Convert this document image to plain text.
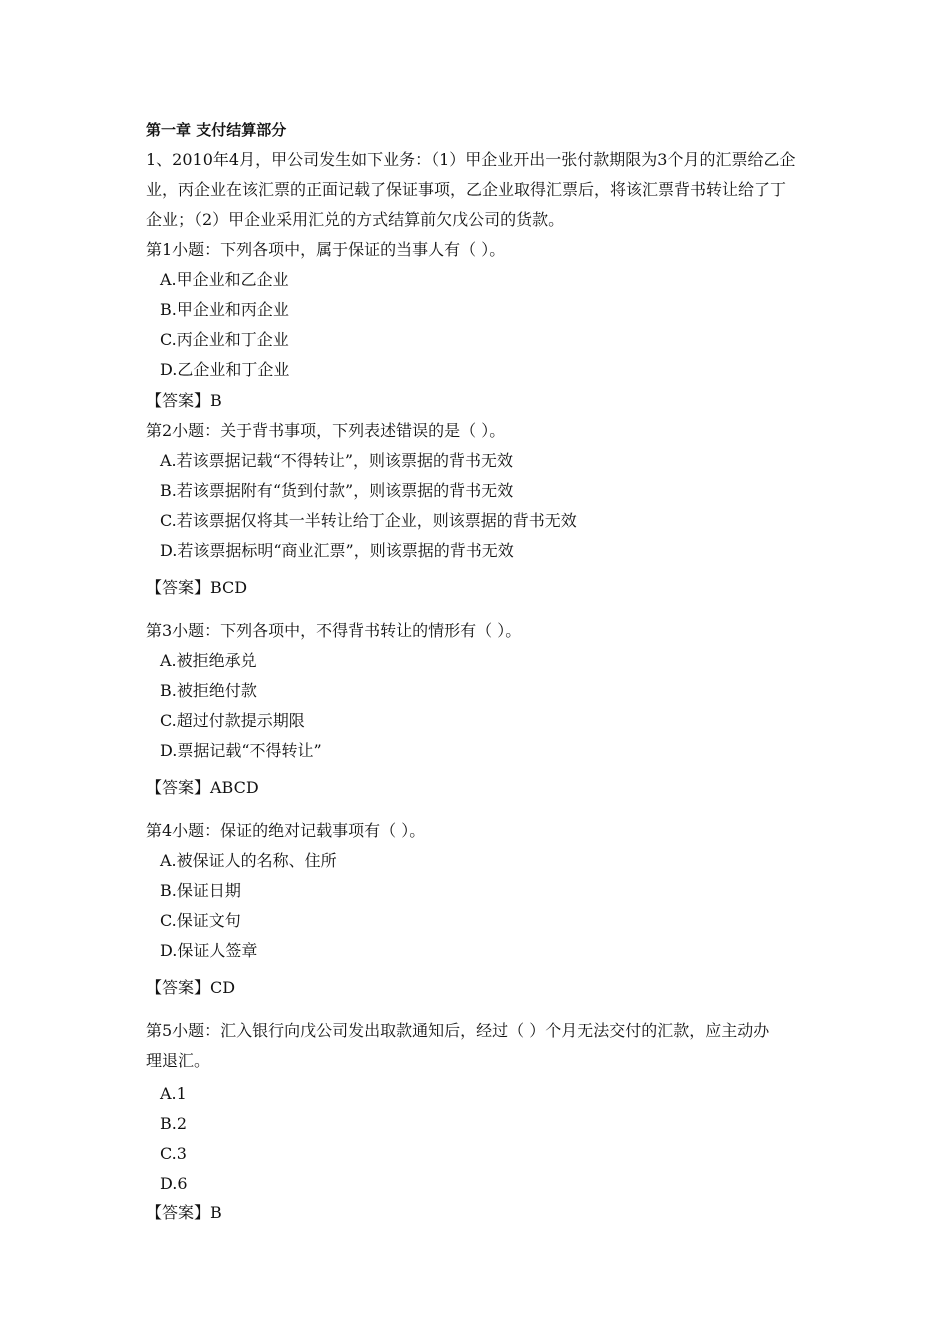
第一章 支付结算部分
1、2010年4月，甲公司发生如下业务：（1）甲企业开出一张付款期限为3个月的汇票给乙企
业，丙企业在该汇票的正面记载了保证事项，乙企业取得汇票后，将该汇票背书转让给了丁
企业；（2）甲企业采用汇兑的方式结算前欠戊公司的货款。
第1小题：下列各项中，属于保证的当事人有（ ）。
A.甲企业和乙企业
B.甲企业和丙企业
C.丙企业和丁企业
D.乙企业和丁企业
【答案】B
第2小题：关于背书事项，下列表述错误的是（ ）。
A.若该票据记载“不得转让”，则该票据的背书无效
B.若该票据附有“货到付款”，则该票据的背书无效
C.若该票据仅将其一半转让给丁企业，则该票据的背书无效
D.若该票据标明“商业汇票”，则该票据的背书无效
【答案】BCD
第3小题：下列各项中，不得背书转让的情形有（ ）。
A.被拒绝承兑
B.被拒绝付款
C.超过付款提示期限
D.票据记载“不得转让”
【答案】ABCD
第4小题：保证的绝对记载事项有（ ）。
A.被保证人的名称、住所
B.保证日期
C.保证文句
D.保证人签章
【答案】CD
第5小题：汇入银行向戊公司发出取款通知后，经过（ ）个月无法交付的汇款，应主动办
理退汇。
A.1
B.2
C.3
D.6
【答案】B
